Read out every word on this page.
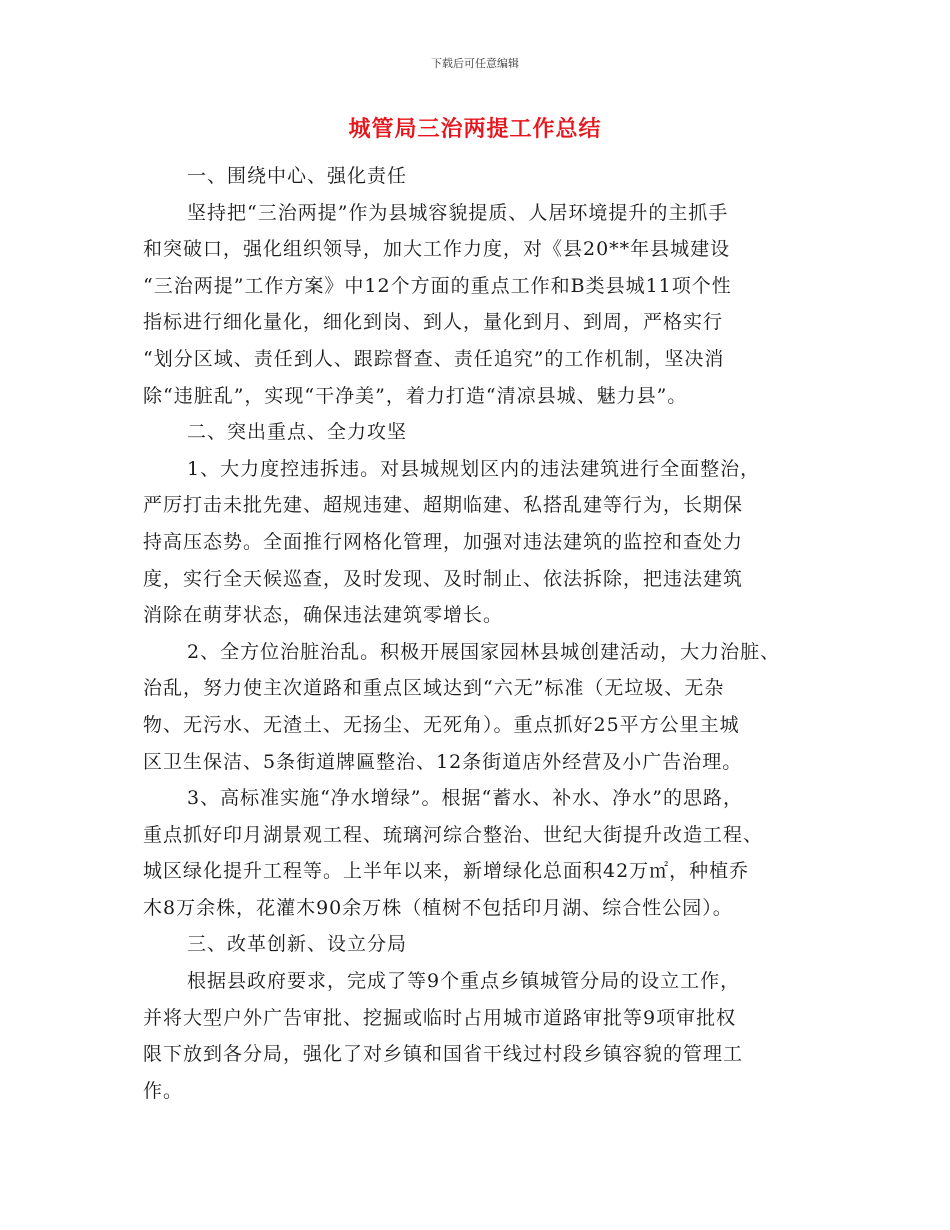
下载后可任意编辑
城管局三治两提工作总结
一、围绕中心、强化责任
坚持把“三治两提”作为县城容貌提质、人居环境提升的主抓手
和突破口，强化组织领导，加大工作力度，对《县20**年县城建设
“三治两提”工作方案》中12个方面的重点工作和B类县城11项个性
指标进行细化量化，细化到岗、到人，量化到月、到周，严格实行
“划分区域、责任到人、跟踪督查、责任追究”的工作机制，坚决消
除“违脏乱”，实现“干净美”，着力打造“清凉县城、魅力县”。
二、突出重点、全力攻坚
1、大力度控违拆违。对县城规划区内的违法建筑进行全面整治，
严厉打击未批先建、超规违建、超期临建、私搭乱建等行为，长期保
持高压态势。全面推行网格化管理，加强对违法建筑的监控和查处力
度，实行全天候巡查，及时发现、及时制止、依法拆除，把违法建筑
消除在萌芽状态，确保违法建筑零增长。
2、全方位治脏治乱。积极开展国家园林县城创建活动，大力治脏、
治乱，努力使主次道路和重点区域达到“六无”标准（无垃圾、无杂
物、无污水、无渣土、无扬尘、无死角）。重点抓好25平方公里主城
区卫生保洁、5条街道牌匾整治、12条街道店外经营及小广告治理。
3、高标准实施“净水增绿”。根据“蓄水、补水、净水”的思路，
重点抓好印月湖景观工程、琉璃河综合整治、世纪大街提升改造工程、
城区绿化提升工程等。上半年以来，新增绿化总面积42万㎡，种植乔
木8万余株，花灌木90余万株（植树不包括印月湖、综合性公园）。
三、改革创新、设立分局
根据县政府要求，完成了等9个重点乡镇城管分局的设立工作，
并将大型户外广告审批、挖掘或临时占用城市道路审批等9项审批权
限下放到各分局，强化了对乡镇和国省干线过村段乡镇容貌的管理工
作。
